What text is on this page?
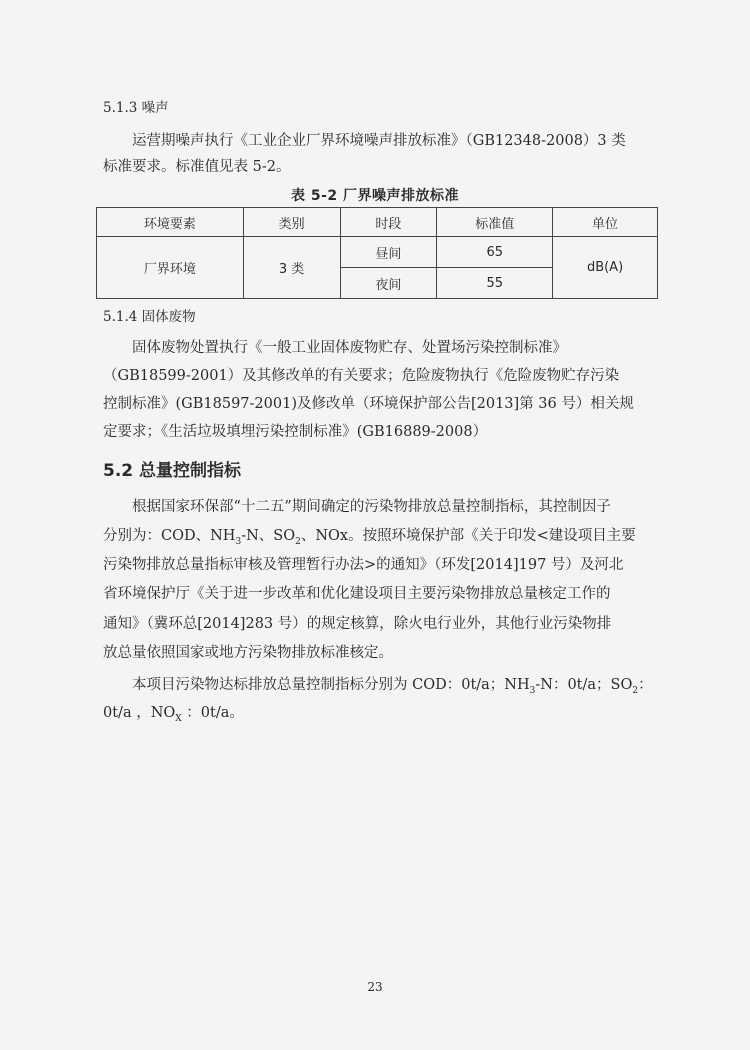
5.1.3 噪声
运营期噪声执行《工业企业厂界环境噪声排放标准》（GB12348-2008）3 类
标准要求。标准值见表 5-2。
表 5-2 厂界噪声排放标准
环境要素	类别	时段	标准值	单位
厂界环境	3 类	昼间	65	dB(A)
		夜间	55	
5.1.4 固体废物
固体废物处置执行《一般工业固体废物贮存、处置场污染控制标准》
（GB18599-2001）及其修改单的有关要求；危险废物执行《危险废物贮存污染
控制标准》(GB18597-2001)及修改单（环境保护部公告[2013]第 36 号）相关规
定要求；《生活垃圾填埋污染控制标准》(GB16889-2008）
5.2 总量控制指标
根据国家环保部“十二五”期间确定的污染物排放总量控制指标，其控制因子
分别为：COD、$NH_3-N$、$SO_2$、NOx。按照环境保护部《关于印发<建设项目主要
污染物排放总量指标审核及管理暂行办法>的通知》（环发[2014]197 号）及河北
省环境保护厅《关于进一步改革和优化建设项目主要污染物排放总量核定工作的
通知》（冀环总[2014]283 号）的规定核算，除火电行业外，其他行业污染物排
放总量依照国家或地方污染物排放标准核定。
本项目污染物达标排放总量控制指标分别为 COD：0t/a；$NH_3-N$：0t/a；$SO_2$：
0t/a ，$NO_X$ ：0t/a。
23
